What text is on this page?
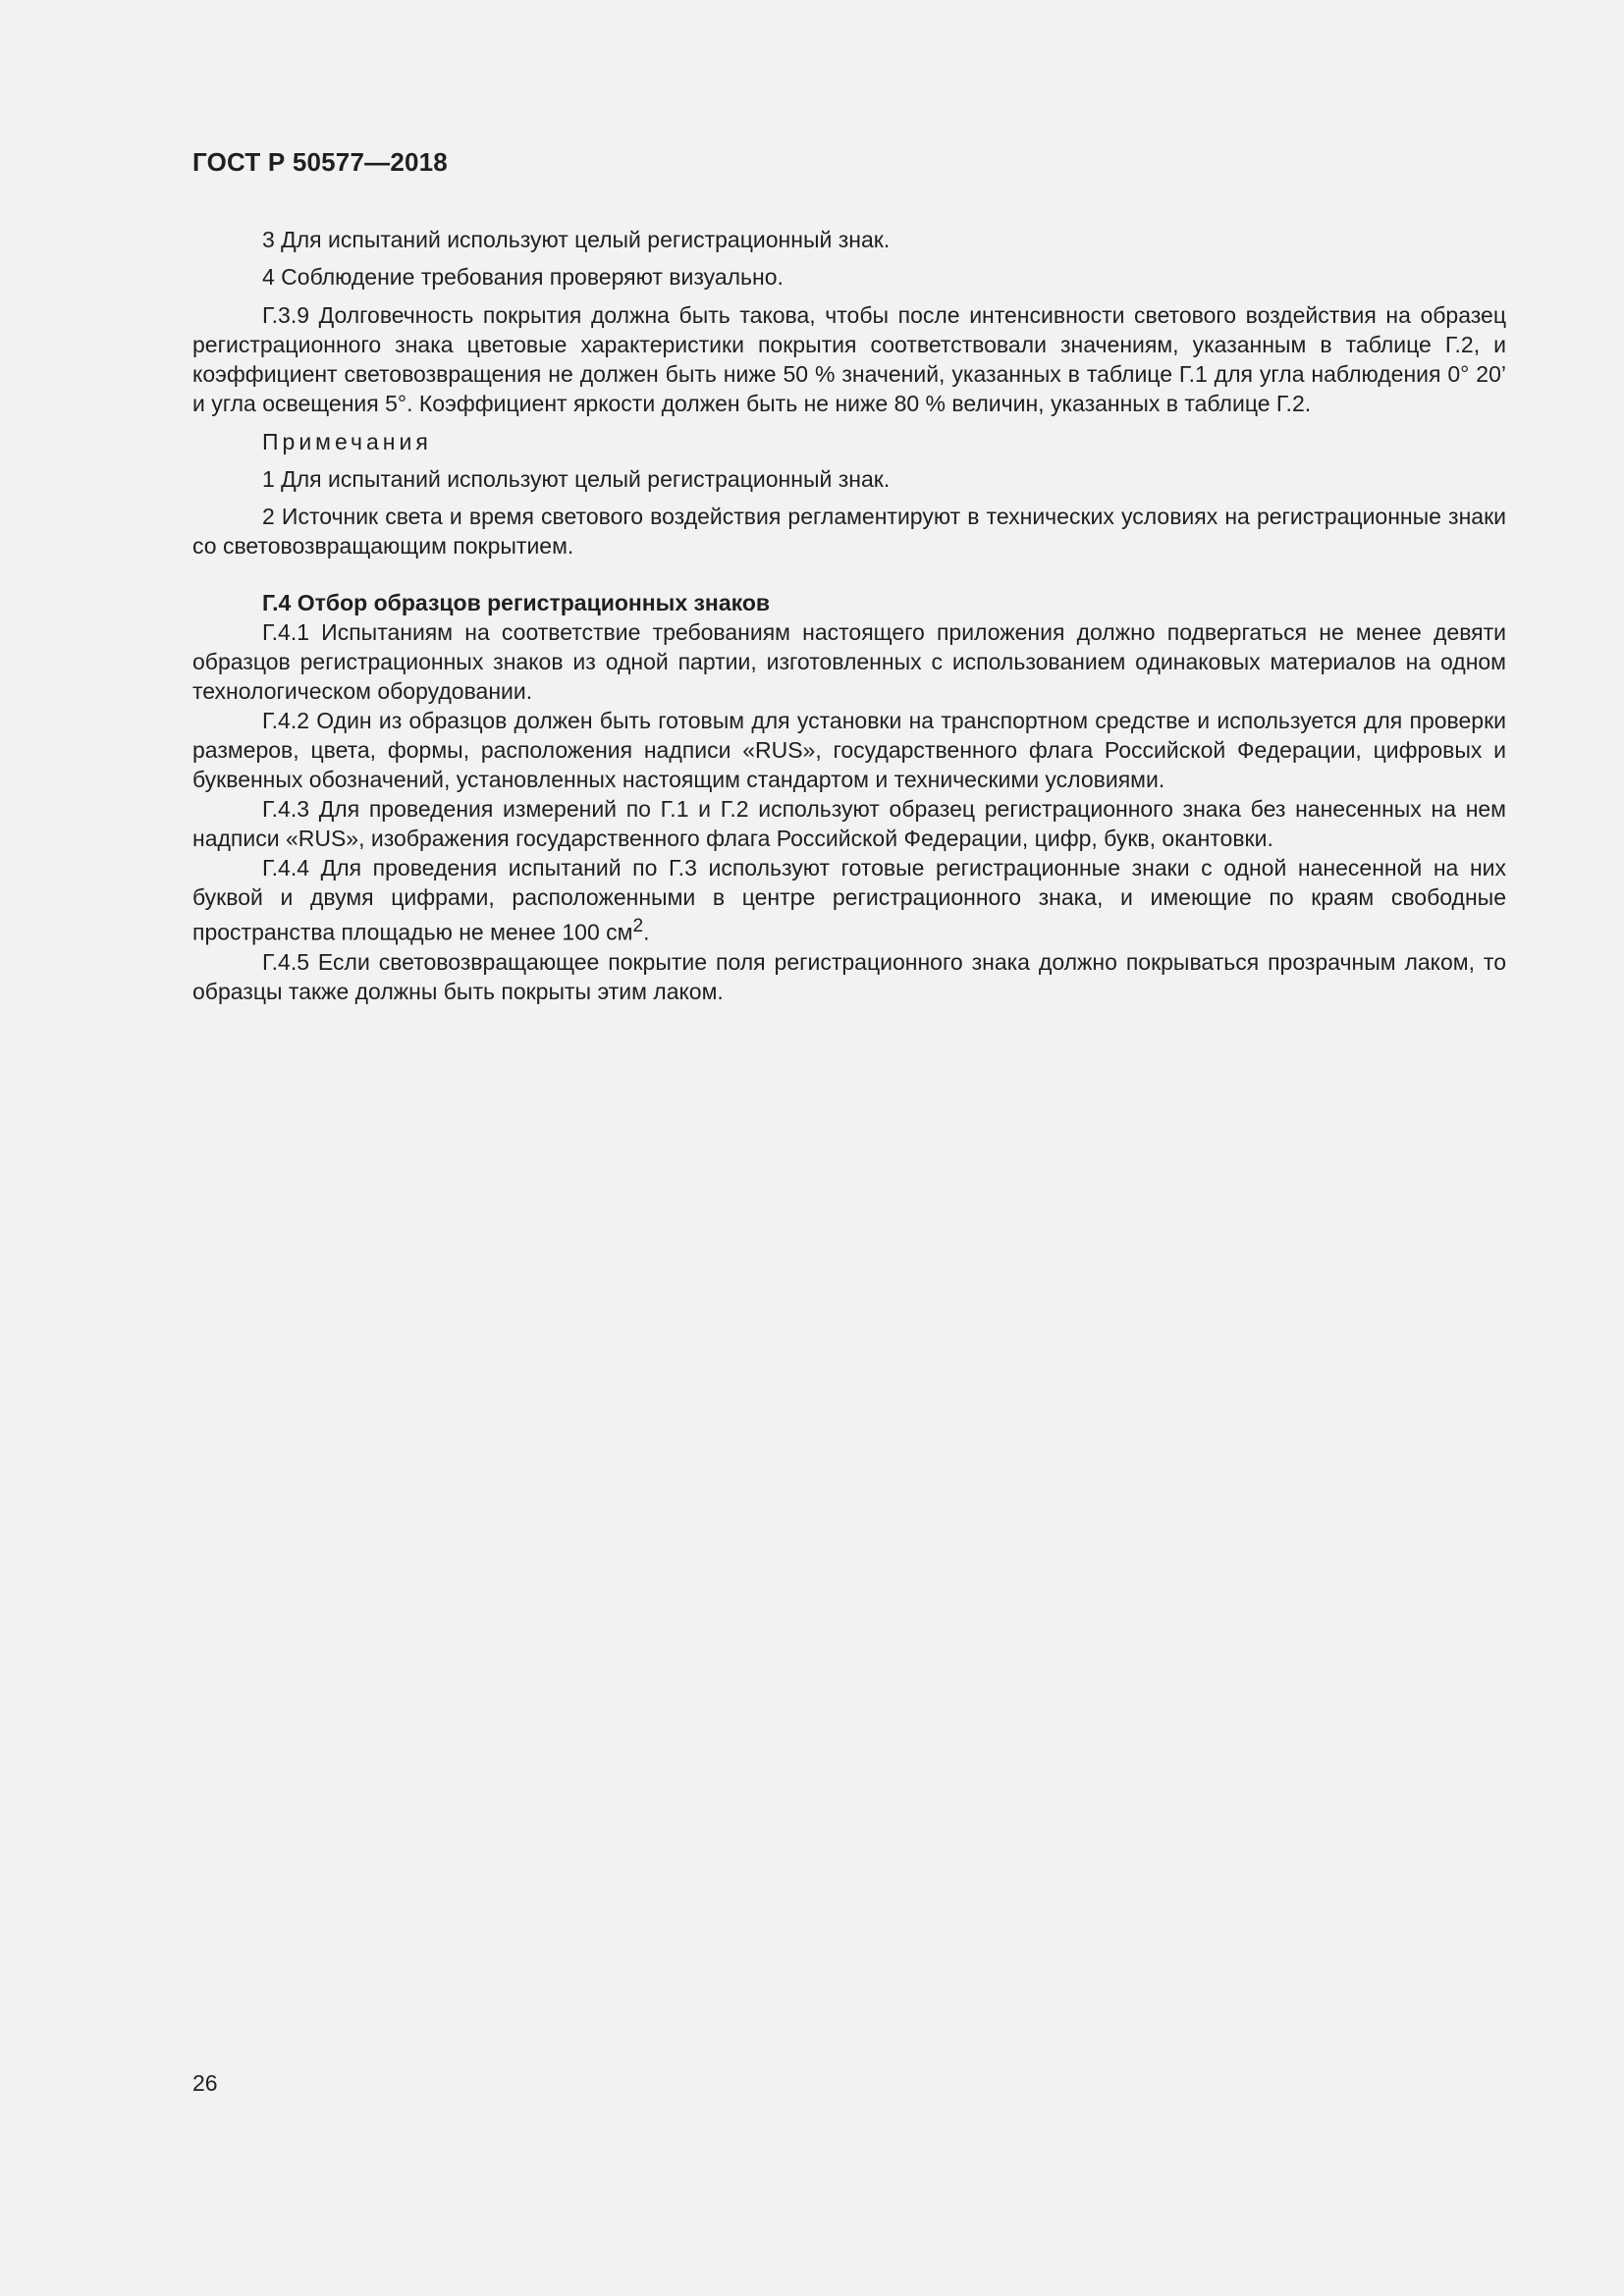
ГОСТ Р 50577—2018

3 Для испытаний используют целый регистрационный знак.

4 Соблюдение требования проверяют визуально.

Г.3.9 Долговечность покрытия должна быть такова, чтобы после интенсивности светового воздействия на образец регистрационного знака цветовые характеристики покрытия соответствовали значениям, указанным в таблице Г.2, и коэффициент световозвращения не должен быть ниже 50 % значений, указанных в таблице Г.1 для угла наблюдения 0° 20’ и угла освещения 5°. Коэффициент яркости должен быть не ниже 80 % величин, указанных в таблице Г.2.

Примечания

1 Для испытаний используют целый регистрационный знак.

2 Источник света и время светового воздействия регламентируют в технических условиях на регистрационные знаки со световозвращающим покрытием.

Г.4 Отбор образцов регистрационных знаков

Г.4.1 Испытаниям на соответствие требованиям настоящего приложения должно подвергаться не менее девяти образцов регистрационных знаков из одной партии, изготовленных с использованием одинаковых материалов на одном технологическом оборудовании.

Г.4.2 Один из образцов должен быть готовым для установки на транспортном средстве и используется для проверки размеров, цвета, формы, расположения надписи «RUS», государственного флага Российской Федерации, цифровых и буквенных обозначений, установленных настоящим стандартом и техническими условиями.

Г.4.3 Для проведения измерений по Г.1 и Г.2 используют образец регистрационного знака без нанесенных на нем надписи «RUS», изображения государственного флага Российской Федерации, цифр, букв, окантовки.

Г.4.4 Для проведения испытаний по Г.3 используют готовые регистрационные знаки с одной нанесенной на них буквой и двумя цифрами, расположенными в центре регистрационного знака, и имеющие по краям свободные пространства площадью не менее 100 $см^2$.

Г.4.5 Если световозвращающее покрытие поля регистрационного знака должно покрываться прозрачным лаком, то образцы также должны быть покрыты этим лаком.

26
